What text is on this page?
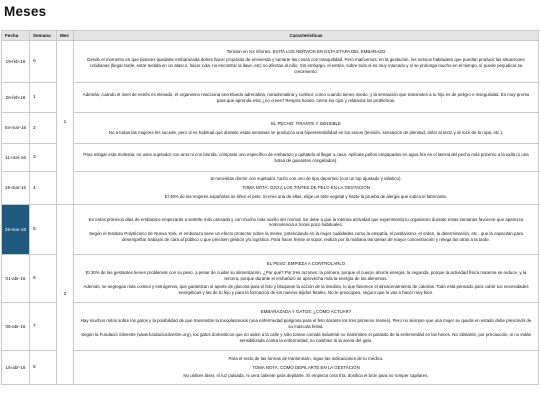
Meses
Fecha	Semana	Mes	Características
19-feb-16	0	1	Tension en los riñones. EVITA LOS NERVIOS EN ESTA ETAPA DEL EMBARAZO

Desde el momento en que planees quedarte embarazada debes hacer propósito de enmienda y tomarte las cosas con tranquilidad. Pero matícemos: en la gestación, los nervios habituales que puedan producir las situaciones cotidianas (llegar tarde, estar metida en un atasco, hacer cola, no encontrar la llave, etc) no afectan al niño. Sin embargo, el estrés, sobre todo si es muy marcado y si se prolonga mucho en el tiempo, sí puede perjudicar su crecimiento.

26-feb-16	1		Además, cuando el nivel de estrés es elevado, el organismo reacciona secretando adrenalina, noradrenalina y cortisol, como cuando tienes miedo, y la sensación que transmites a tu hijo es de peligro e inseguridad. Es muy pronto para que aprenda esto ¿no crees? Respira hondo, cierra los ojos y relativiza los problemas.

04-mar-16	2		EL PECHO: TIRANTE Y SENSIBLE

No a todas las mujeres les sucede, pero sí es habitual que durante estas semanas se produzca una hipersensibilidad en los senos (tensión, sensación de plenitud, dolor al tacto y al roce de la ropa, etc.).

11-mar-16	3		Para mitigar esta molestia, no uses sujetador con aros ni con blonda, cómprate uno específico de embarazo y quítatelo al llegar a casa. Aplícate paños empapados en agua fría en el lateral del pecho más próximo a la axila (o una bolsa de guisantes congelados).

18-mar-16	4		Si necesitas dormir con sujetador, hazlo con uno de tipo deportivo (con un top ajustado y elástico).

TOMA NOTA: OJO A LOS TINTES DE PELO EN LA GESTACIÓN

El 45% de las mujeres españolas se tiñen el pelo. Si eres una de ellas, elige un tinte vegetal y hazte la prueba de alergia que indica el fabricante.

25-mar-16	5	2	En estos primeros días de embarazo empezarás a sentirte más cansada y con mucho más sueño del normal. Se debe a que la intensa actividad que experimenta tu organismo durante estas semanas favorece que aparezca somnolencia a horas poco habituales.

Según el Instituto Polytécnico de Nueva York, el embarazo tiene un efecto protector sobre la mente, potenciando en la mujer cualidades como la empatía, el positivismo, el orden, la determinación, etc., que la capacitan para desempeñar trabajos de cara al público o que precisen gestión y/o logística. Para hacer frente al sopor, realiza por la mañana las tareas de mayor concentración y relega las otras a la tarde.

01-abr-16	6		EL PESO: EMPIEZA A CONTROLARLO

El 30% de las gestantes tienen problemas con su peso, a pesar de cuidar su alimentación. ¿Por qué? Por tres razones: la primera, porque el cuerpo ahorra energía; la segunda, porque la actividad física materna se reduce, y la tercera, porque durante el embarazo se aprovecha más la energía de los alimentos.

Además, se segregan más cortisol y estrógenos, que garantizan el aporte de glucosa para el feto y bloquean la acción de la insulina, lo que favorece el almacenamiento de calorías. Todo está pensado para cubrir tus necesidades energéticas y las de tu hijo y para la formación de los nuevos tejidos fetales. No te preocupes, seguro que lo vas a hacer muy bien.

08-abr-16	7		EMBARAZADA Y GATOS: ¿CÓMO ACTUAR?

Hay muchos mitos sobre los gatos y la posibilidad de que transmitan la toxoplasmosis (una enfermedad peligrosa para el feto durante los tres primeros meses). Pero no siempre que una mujer se queda en estado debe prescindir de su mascota felina.

Según la Fundació Silvestre (www.fundaciosilvestre.org), los gatos domésticos que no salen a la calle y sólo toman comida industrial no transmiten el parásito de la enfermedad en las heces. No obstante, por precaución, si no estás sensibilizada contra la enfermedad, no cambies tú la arena del gato.

15-abr-16	8		Para el resto de las formas de transmisión, sigue las indicaciones de tu médico.

TOMA NOTA: CÓMO DEPILARTE EN LA GESTACIÓN

No utilices láser, ni tuz pulsada, ni cera caliente para depilarte. Sí empieza cera fría, dosifica el brón para no romper capilares.
